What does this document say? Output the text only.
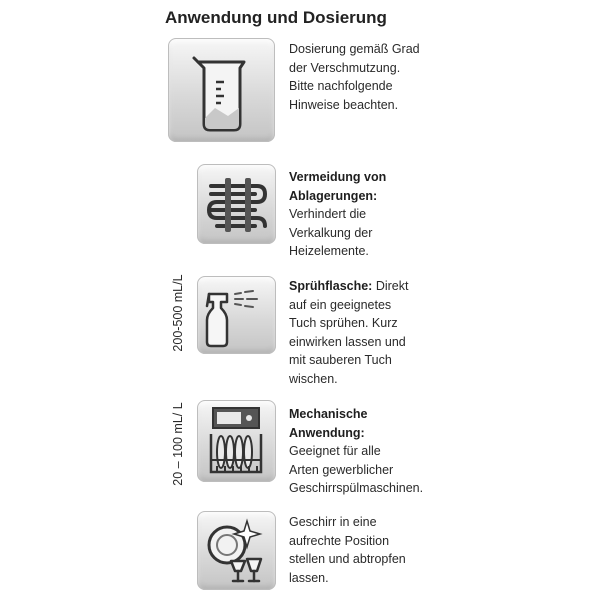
Anwendung und Dosierung
Dosierung gemäß Grad
der Verschmutzung.
Bitte nachfolgende
Hinweise beachten.
Vermeidung von
Ablagerungen:
Verhindert die
Verkalkung der
Heizelemente.
200-500 mL/L	Sprühflasche: Direkt
auf ein geeignetes
Tuch sprühen. Kurz
einwirken lassen und
mit sauberen Tuch
wischen.
20 – 100 mL/ L	Mechanische
Anwendung:
Geeignet für alle
Arten gewerblicher
Geschirrspülmaschinen.
Geschirr in eine
aufrechte Position
stellen und abtropfen
lassen.
